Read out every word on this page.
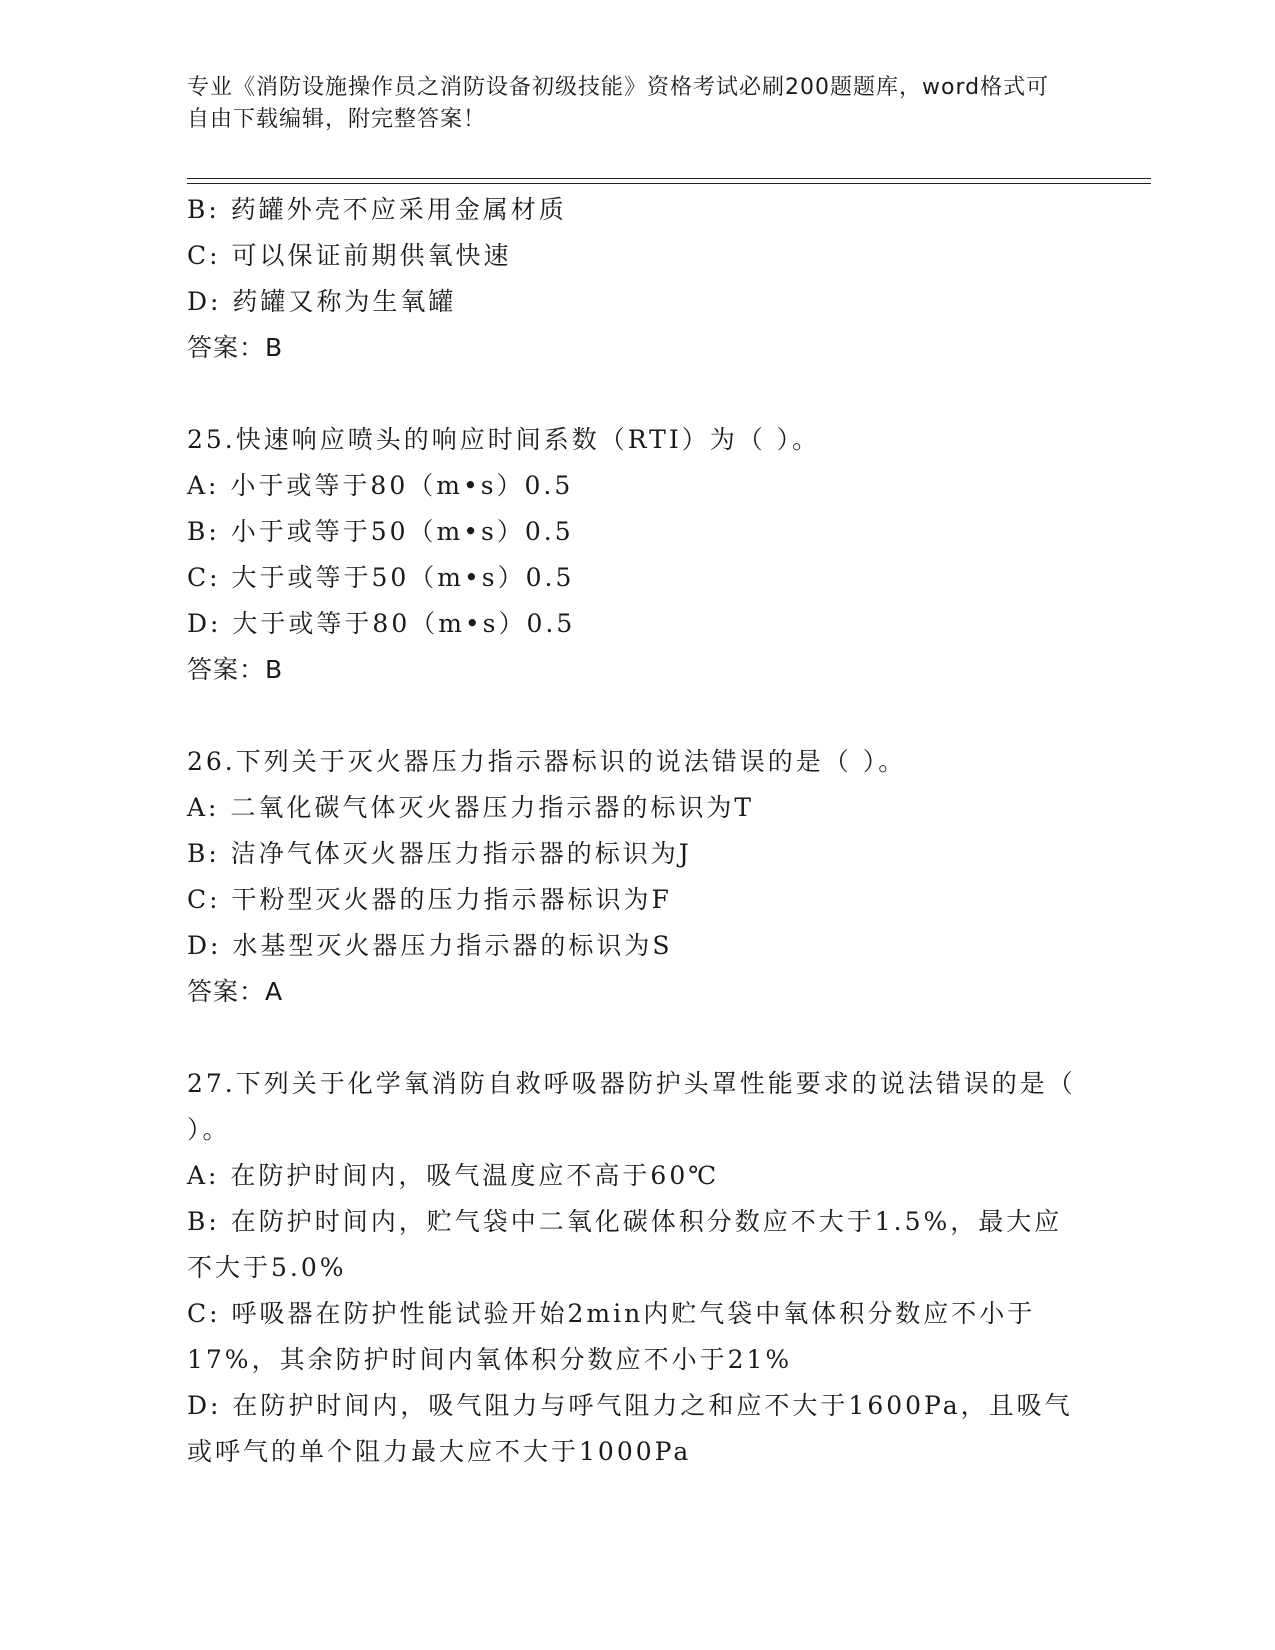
专业《消防设施操作员之消防设备初级技能》资格考试必刷200题题库，word格式可自由下载编辑，附完整答案！
B: 药罐外壳不应采用金属材质
C: 可以保证前期供氧快速
D: 药罐又称为生氧罐
答案：B
25.快速响应喷头的响应时间系数（RTI）为（ ）。
A: 小于或等于80（m•s）0.5
B: 小于或等于50（m•s）0.5
C: 大于或等于50（m•s）0.5
D: 大于或等于80（m•s）0.5
答案：B
26.下列关于灭火器压力指示器标识的说法错误的是（ ）。
A: 二氧化碳气体灭火器压力指示器的标识为T
B: 洁净气体灭火器压力指示器的标识为J
C: 干粉型灭火器的压力指示器标识为F
D: 水基型灭火器压力指示器的标识为S
答案：A
27.下列关于化学氧消防自救呼吸器防护头罩性能要求的说法错误的是（ ）。
A: 在防护时间内，吸气温度应不高于60℃
B: 在防护时间内，贮气袋中二氧化碳体积分数应不大于1.5%，最大应不大于5.0%
C: 呼吸器在防护性能试验开始2min内贮气袋中氧体积分数应不小于17%，其余防护时间内氧体积分数应不小于21%
D: 在防护时间内，吸气阻力与呼气阻力之和应不大于1600Pa，且吸气或呼气的单个阻力最大应不大于1000Pa
